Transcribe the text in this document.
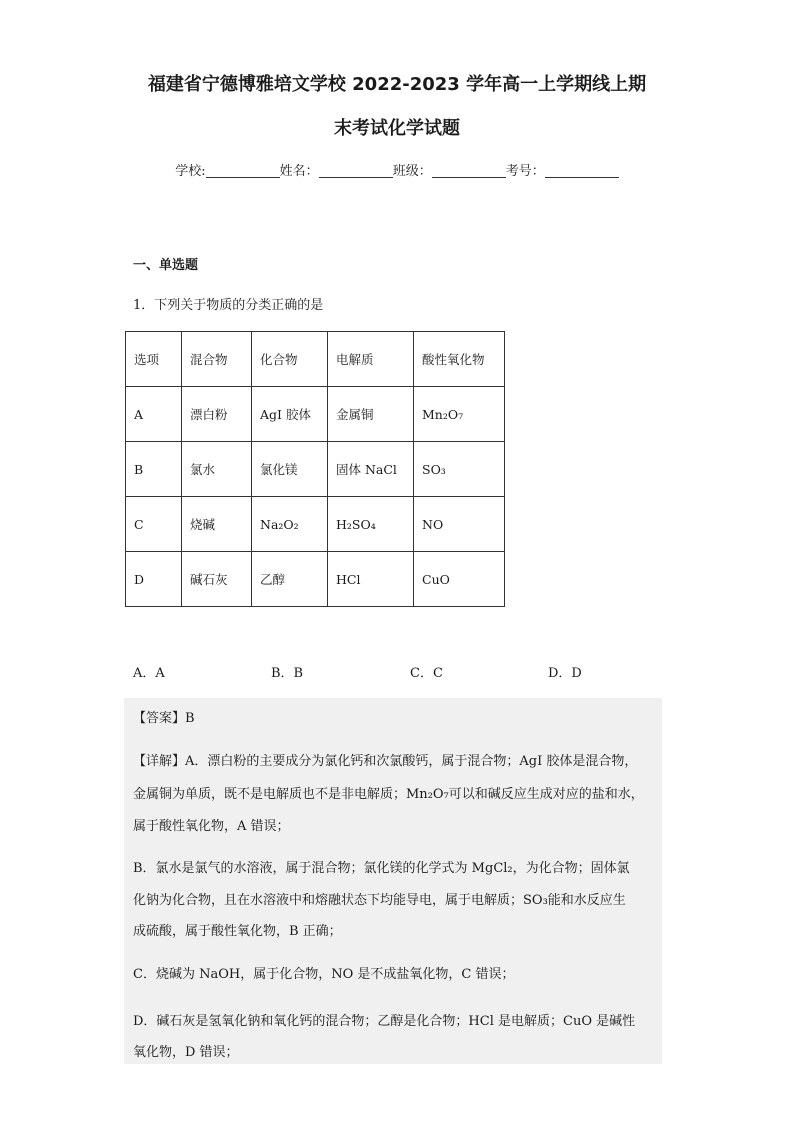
福建省宁德博雅培文学校 2022-2023 学年高一上学期线上期
末考试化学试题
学校:	姓名：	班级：	考号：
一、单选题
1．下列关于物质的分类正确的是
选项	混合物	化合物	电解质	酸性氧化物
A	漂白粉	AgI 胶体	金属铜	Mn₂O₇
B	氯水	氯化镁	固体 NaCl	SO₃
C	烧碱	Na₂O₂	H₂SO₄	NO
D	碱石灰	乙醇	HCl	CuO
A．A	B．B	C．C	D．D
【答案】B
【详解】A．漂白粉的主要成分为氯化钙和次氯酸钙，属于混合物；AgI 胶体是混合物，
金属铜为单质，既不是电解质也不是非电解质；Mn₂O₇可以和碱反应生成对应的盐和水，
属于酸性氧化物，A 错误；
B．氯水是氯气的水溶液，属于混合物；氯化镁的化学式为 MgCl₂，为化合物；固体氯
化钠为化合物，且在水溶液中和熔融状态下均能导电，属于电解质；SO₃能和水反应生
成硫酸，属于酸性氧化物，B 正确；
C．烧碱为 NaOH，属于化合物，NO 是不成盐氧化物，C 错误；
D．碱石灰是氢氧化钠和氧化钙的混合物；乙醇是化合物；HCl 是电解质；CuO 是碱性
氧化物，D 错误；
